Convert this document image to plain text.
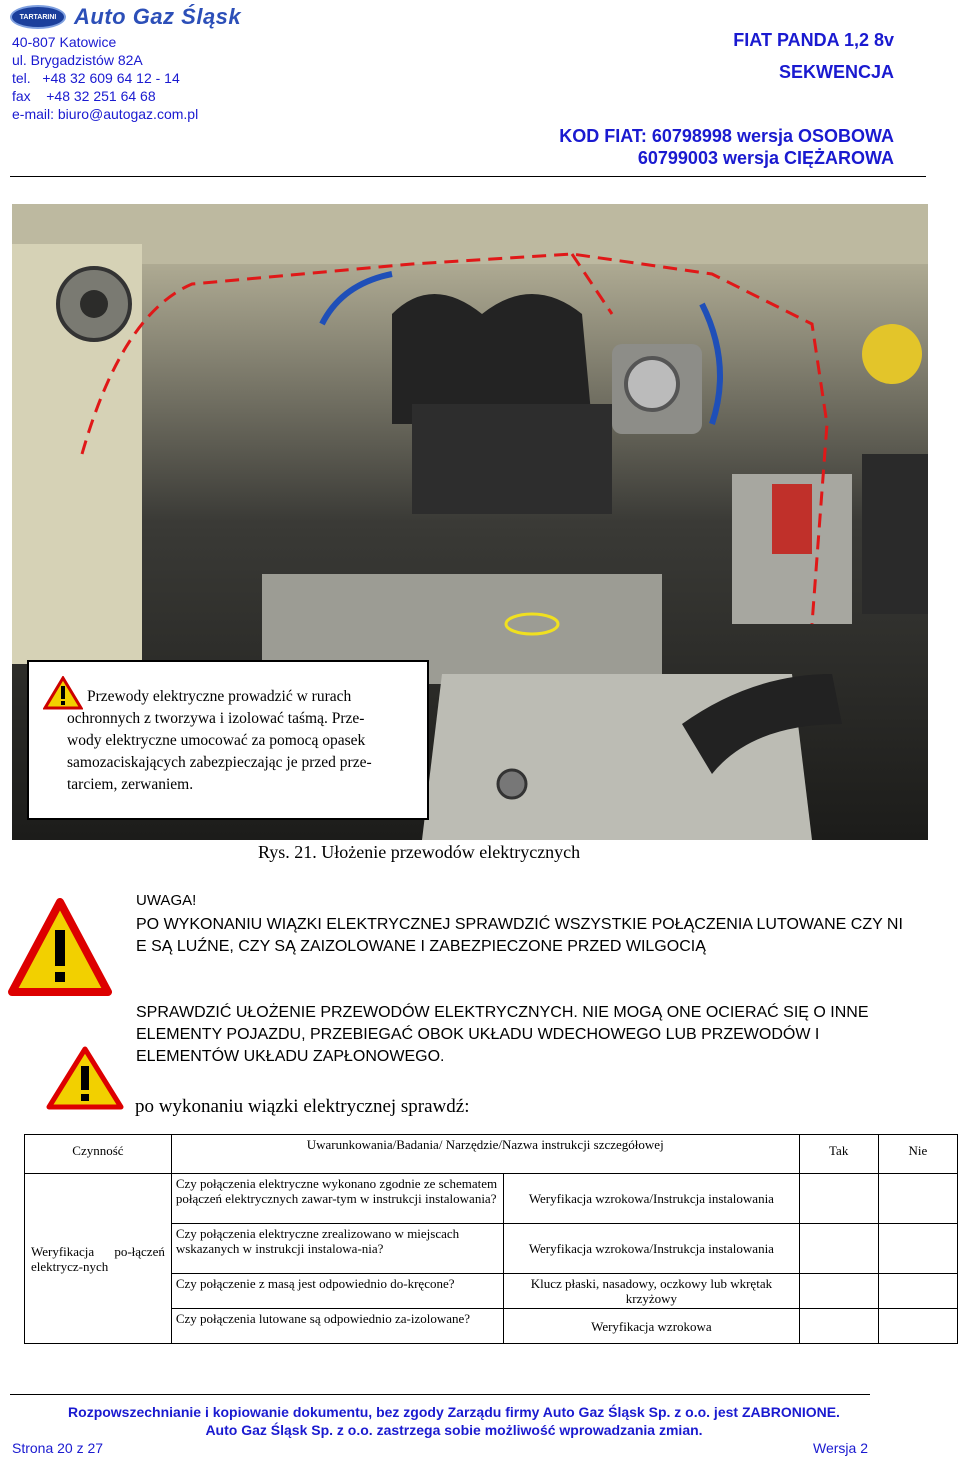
TARTARINI Auto Gaz Śląsk
40-807 Katowice
ul. Brygadzistów 82A
tel.   +48 32 609 64 12 - 14
fax    +48 32 251 64 68
e-mail: biuro@autogaz.com.pl
FIAT PANDA 1,2 8v
SEKWENCJA
KOD FIAT: 60798998 wersja OSOBOWA
60799003 wersja CIĘŻAROWA
Przewody elektryczne prowadzić w rurach
ochronnych z tworzywa i izolować taśmą. Prze-
wody elektryczne umocować za pomocą opasek
samozaciskających zabezpieczając je przed prze-
tarciem, zerwaniem.
Rys. 21. Ułożenie przewodów elektrycznych
UWAGA!
PO WYKONANIU WIĄZKI ELEKTRYCZNEJ SPRAWDZIĆ WSZYSTKIE POŁĄCZENIA LUTOWANE CZY NI E SĄ LUŹNE, CZY SĄ ZAIZOLOWANE I ZABEZPIECZONE PRZED WILGOCIĄ
SPRAWDZIĆ UŁOŻENIE PRZEWODÓW ELEKTRYCZNYCH. NIE MOGĄ ONE OCIERAĆ SIĘ O INNE ELEMENTY POJAZDU, PRZEBIEGAĆ OBOK UKŁADU WDECHOWEGO LUB PRZEWODÓW I ELEMENTÓW UKŁADU ZAPŁONOWEGO.
po wykonaniu wiązki elektrycznej sprawdź:
Czynność	Uwarunkowania/Badania/ Narzędzie/Nazwa instrukcji szczegółowej		Tak	Nie
Weryfikacja po-łączeń elektrycz-nych	Czy połączenia elektryczne wykonano zgodnie ze schematem połączeń elektrycznych zawar-tym w instrukcji instalowania?	Weryfikacja wzrokowa/Instrukcja instalowania		
	Czy połączenia elektryczne zrealizowano w miejscach wskazanych w instrukcji instalowa-nia?	Weryfikacja wzrokowa/Instrukcja instalowania		
	Czy połączenie z masą jest odpowiednio do-kręcone?	Klucz płaski, nasadowy, oczkowy lub wkrętak krzyżowy		
	Czy połączenia lutowane są odpowiednio za-izolowane?	Weryfikacja wzrokowa		
Rozpowszechnianie i kopiowanie dokumentu, bez zgody Zarządu firmy Auto Gaz Śląsk Sp. z o.o. jest ZABRONIONE.
Auto Gaz Śląsk Sp. z o.o. zastrzega sobie możliwość wprowadzania zmian.
Strona 20 z 27	Wersja 2
